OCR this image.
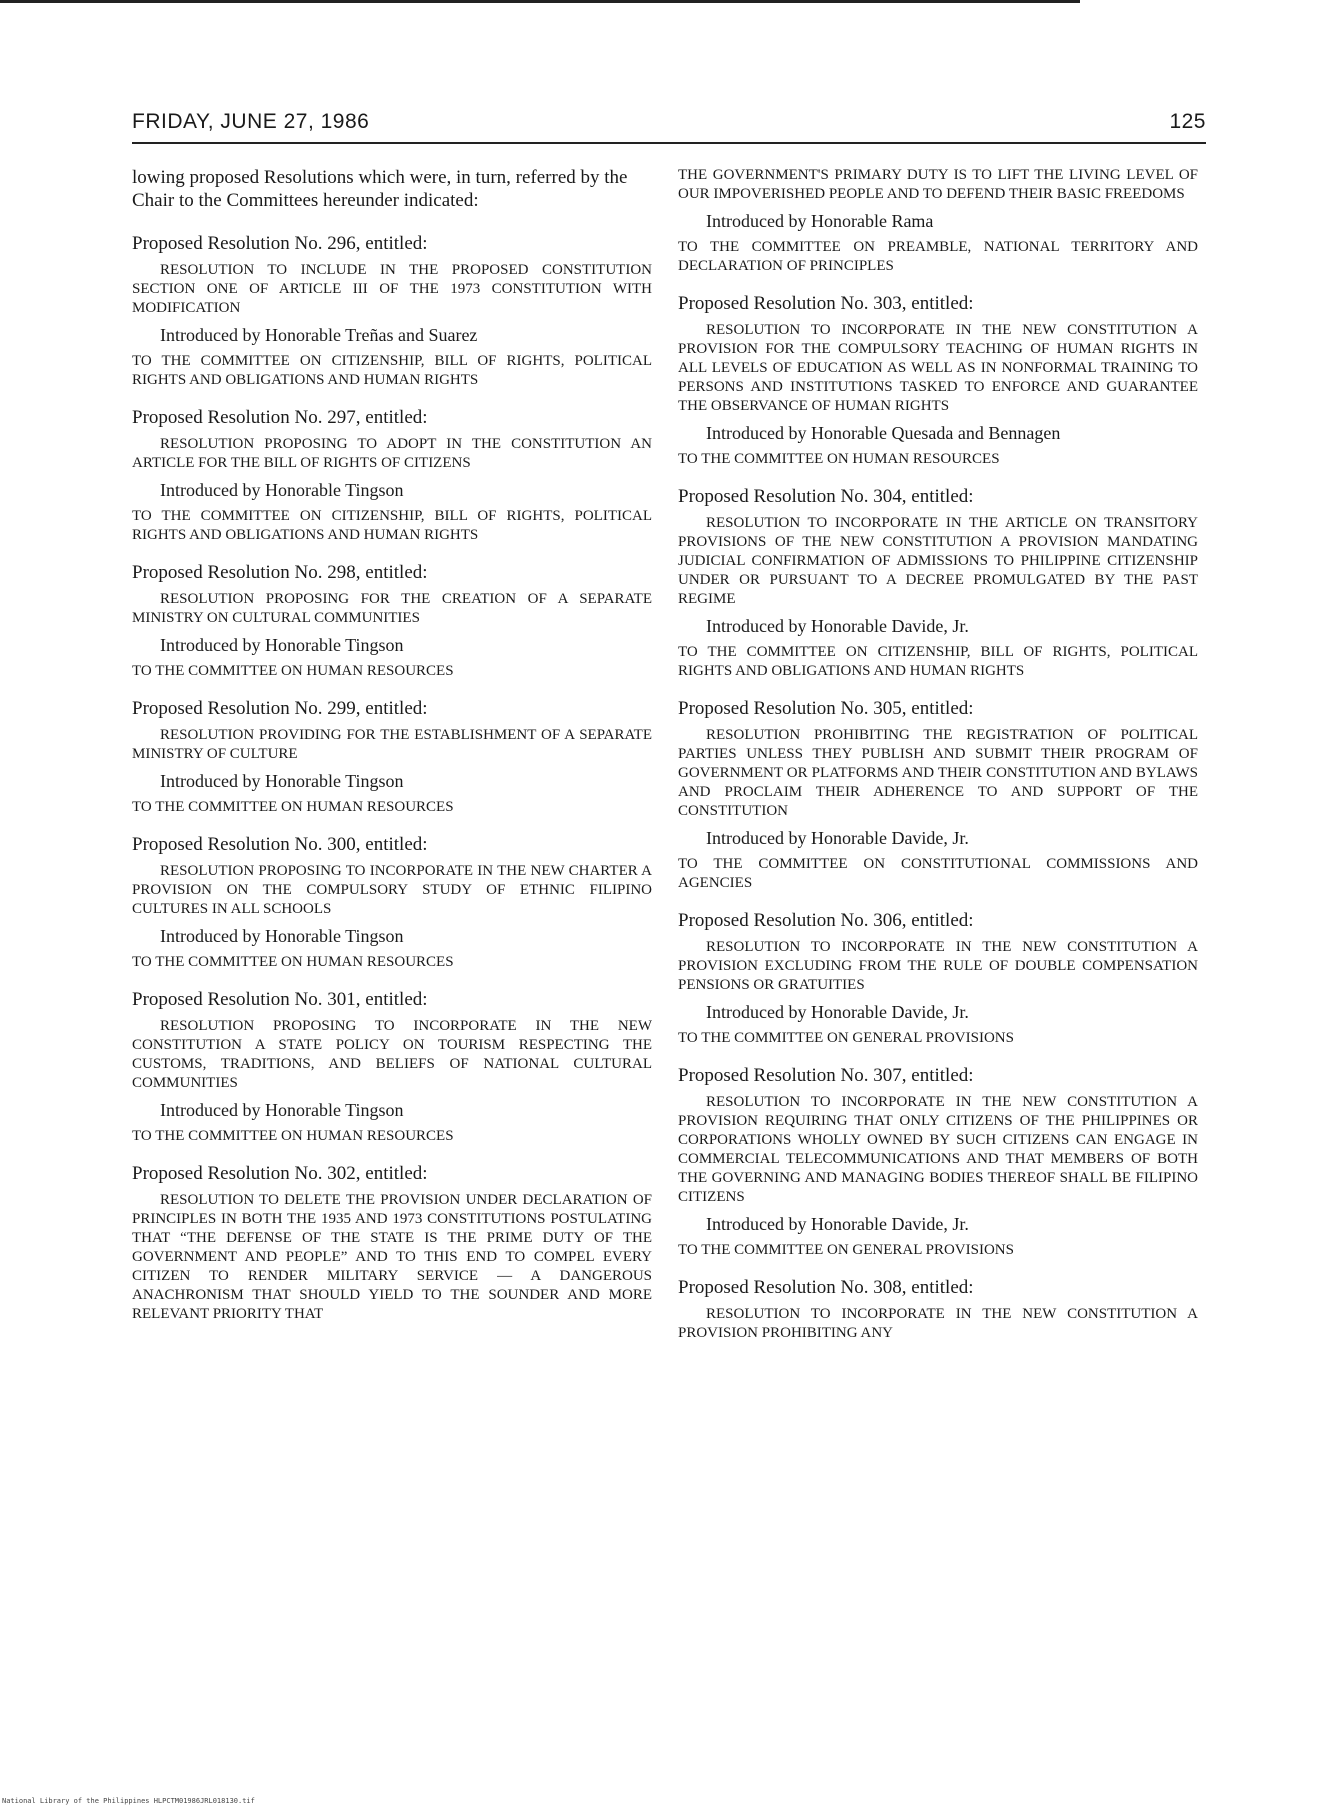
FRIDAY, JUNE 27, 1986	125

lowing proposed Resolutions which were, in turn, referred by the Chair to the Committees hereunder indicated:

Proposed Resolution No. 296, entitled:

RESOLUTION TO INCLUDE IN THE PROPOSED CONSTITUTION SECTION ONE OF ARTICLE III OF THE 1973 CONSTITUTION WITH MODIFICATION

Introduced by Honorable Treñas and Suarez

TO THE COMMITTEE ON CITIZENSHIP, BILL OF RIGHTS, POLITICAL RIGHTS AND OBLIGATIONS AND HUMAN RIGHTS

Proposed Resolution No. 297, entitled:

RESOLUTION PROPOSING TO ADOPT IN THE CONSTITUTION AN ARTICLE FOR THE BILL OF RIGHTS OF CITIZENS

Introduced by Honorable Tingson

TO THE COMMITTEE ON CITIZENSHIP, BILL OF RIGHTS, POLITICAL RIGHTS AND OBLIGATIONS AND HUMAN RIGHTS

Proposed Resolution No. 298, entitled:

RESOLUTION PROPOSING FOR THE CREATION OF A SEPARATE MINISTRY ON CULTURAL COMMUNITIES

Introduced by Honorable Tingson

TO THE COMMITTEE ON HUMAN RESOURCES

Proposed Resolution No. 299, entitled:

RESOLUTION PROVIDING FOR THE ESTABLISHMENT OF A SEPARATE MINISTRY OF CULTURE

Introduced by Honorable Tingson

TO THE COMMITTEE ON HUMAN RESOURCES

Proposed Resolution No. 300, entitled:

RESOLUTION PROPOSING TO INCORPORATE IN THE NEW CHARTER A PROVISION ON THE COMPULSORY STUDY OF ETHNIC FILIPINO CULTURES IN ALL SCHOOLS

Introduced by Honorable Tingson

TO THE COMMITTEE ON HUMAN RESOURCES

Proposed Resolution No. 301, entitled:

RESOLUTION PROPOSING TO INCORPORATE IN THE NEW CONSTITUTION A STATE POLICY ON TOURISM RESPECTING THE CUSTOMS, TRADITIONS, AND BELIEFS OF NATIONAL CULTURAL COMMUNITIES

Introduced by Honorable Tingson

TO THE COMMITTEE ON HUMAN RESOURCES

Proposed Resolution No. 302, entitled:

RESOLUTION TO DELETE THE PROVISION UNDER DECLARATION OF PRINCIPLES IN BOTH THE 1935 AND 1973 CONSTITUTIONS POSTULATING THAT “THE DEFENSE OF THE STATE IS THE PRIME DUTY OF THE GOVERNMENT AND PEOPLE” AND TO THIS END TO COMPEL EVERY CITIZEN TO RENDER MILITARY SERVICE — A DANGEROUS ANACHRONISM THAT SHOULD YIELD TO THE SOUNDER AND MORE RELEVANT PRIORITY THAT

THE GOVERNMENT'S PRIMARY DUTY IS TO LIFT THE LIVING LEVEL OF OUR IMPOVERISHED PEOPLE AND TO DEFEND THEIR BASIC FREEDOMS

Introduced by Honorable Rama

TO THE COMMITTEE ON PREAMBLE, NATIONAL TERRITORY AND DECLARATION OF PRINCIPLES

Proposed Resolution No. 303, entitled:

RESOLUTION TO INCORPORATE IN THE NEW CONSTITUTION A PROVISION FOR THE COMPULSORY TEACHING OF HUMAN RIGHTS IN ALL LEVELS OF EDUCATION AS WELL AS IN NONFORMAL TRAINING TO PERSONS AND INSTITUTIONS TASKED TO ENFORCE AND GUARANTEE THE OBSERVANCE OF HUMAN RIGHTS

Introduced by Honorable Quesada and Bennagen

TO THE COMMITTEE ON HUMAN RESOURCES

Proposed Resolution No. 304, entitled:

RESOLUTION TO INCORPORATE IN THE ARTICLE ON TRANSITORY PROVISIONS OF THE NEW CONSTITUTION A PROVISION MANDATING JUDICIAL CONFIRMATION OF ADMISSIONS TO PHILIPPINE CITIZENSHIP UNDER OR PURSUANT TO A DECREE PROMULGATED BY THE PAST REGIME

Introduced by Honorable Davide, Jr.

TO THE COMMITTEE ON CITIZENSHIP, BILL OF RIGHTS, POLITICAL RIGHTS AND OBLIGATIONS AND HUMAN RIGHTS

Proposed Resolution No. 305, entitled:

RESOLUTION PROHIBITING THE REGISTRATION OF POLITICAL PARTIES UNLESS THEY PUBLISH AND SUBMIT THEIR PROGRAM OF GOVERNMENT OR PLATFORMS AND THEIR CONSTITUTION AND BYLAWS AND PROCLAIM THEIR ADHERENCE TO AND SUPPORT OF THE CONSTITUTION

Introduced by Honorable Davide, Jr.

TO THE COMMITTEE ON CONSTITUTIONAL COMMISSIONS AND AGENCIES

Proposed Resolution No. 306, entitled:

RESOLUTION TO INCORPORATE IN THE NEW CONSTITUTION A PROVISION EXCLUDING FROM THE RULE OF DOUBLE COMPENSATION PENSIONS OR GRATUITIES

Introduced by Honorable Davide, Jr.

TO THE COMMITTEE ON GENERAL PROVISIONS

Proposed Resolution No. 307, entitled:

RESOLUTION TO INCORPORATE IN THE NEW CONSTITUTION A PROVISION REQUIRING THAT ONLY CITIZENS OF THE PHILIPPINES OR CORPORATIONS WHOLLY OWNED BY SUCH CITIZENS CAN ENGAGE IN COMMERCIAL TELECOMMUNICATIONS AND THAT MEMBERS OF BOTH THE GOVERNING AND MANAGING BODIES THEREOF SHALL BE FILIPINO CITIZENS

Introduced by Honorable Davide, Jr.

TO THE COMMITTEE ON GENERAL PROVISIONS

Proposed Resolution No. 308, entitled:

RESOLUTION TO INCORPORATE IN THE NEW CONSTITUTION A PROVISION PROHIBITING ANY

National Library of the Philippines HLPCTM01986JRL018130.tif
